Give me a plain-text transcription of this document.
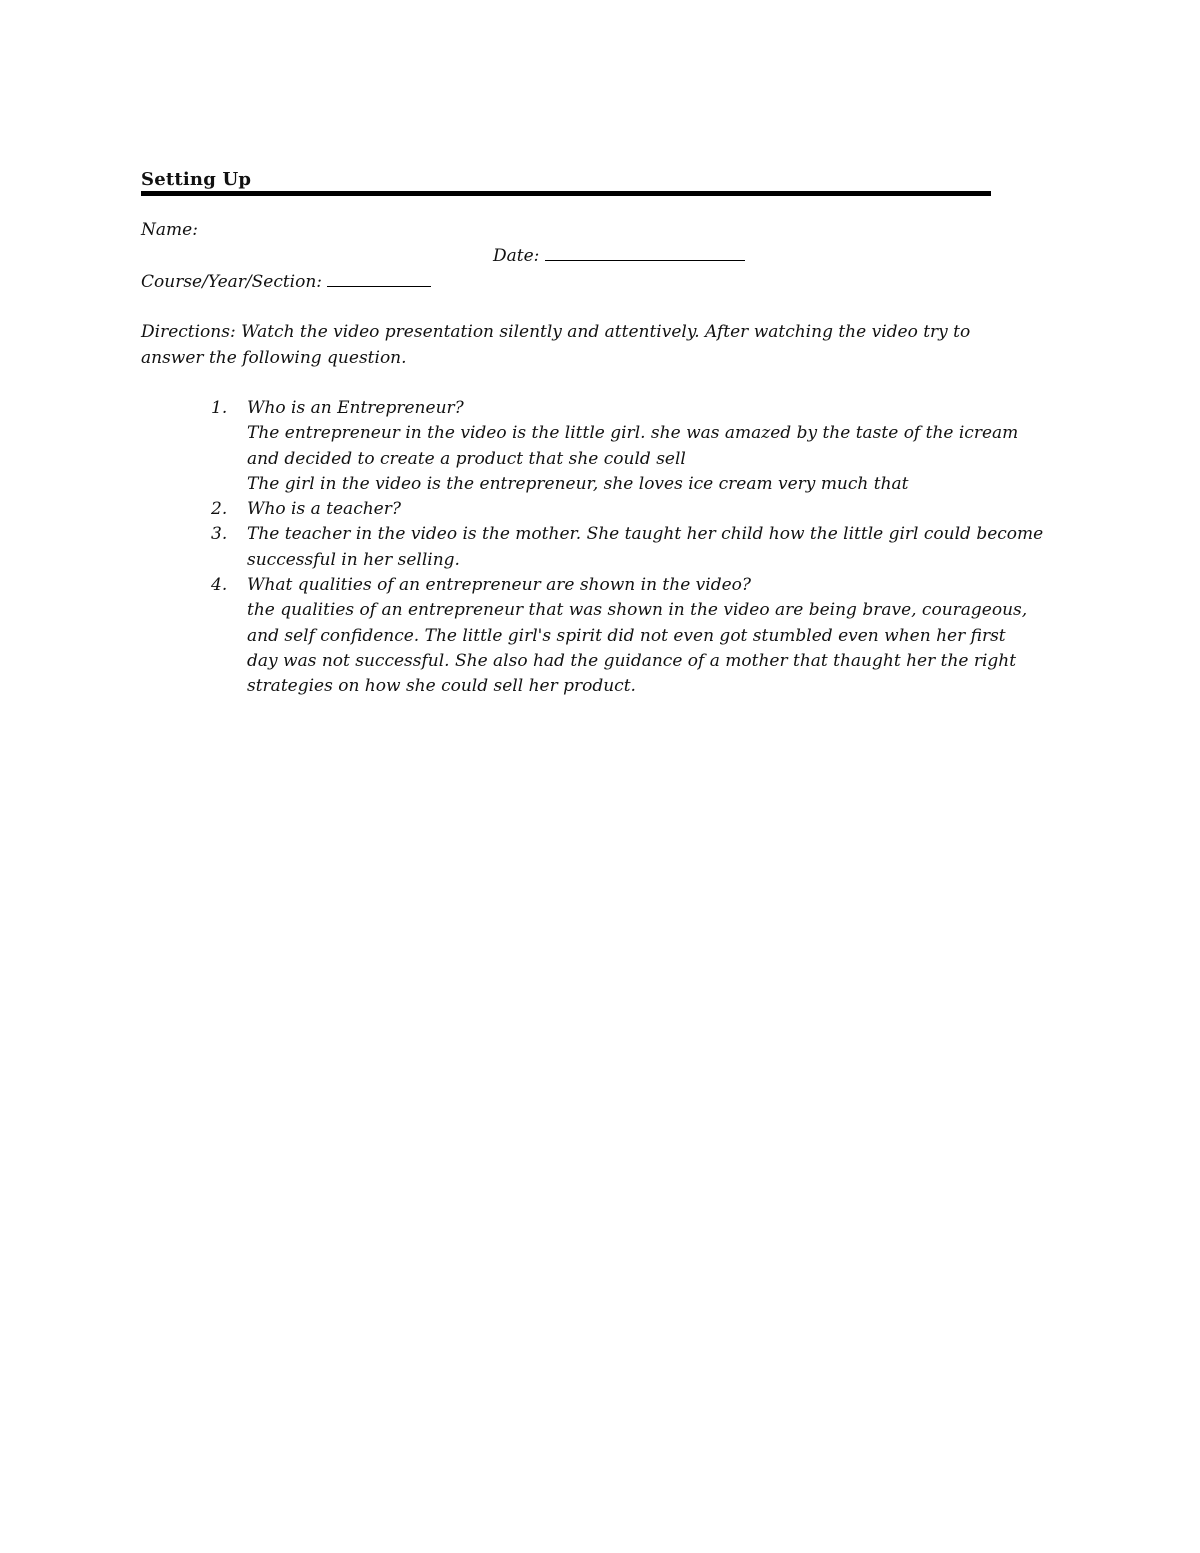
Setting Up
Name:
Date:
Course/Year/Section:
Directions: Watch the video presentation silently and attentively. After watching the video try to answer the following question.
1. Who is an Entrepreneur?
The entrepreneur in the video is the little girl. she was amazed by the taste of the icream
and decided to create a product that she could sell
The girl in the video is the entrepreneur, she loves ice cream very much that
2. Who is a teacher?
3. The teacher in the video is the mother. She taught her child how the little girl could become
successful in her selling.
4. What qualities of an entrepreneur are shown in the video?
the qualities of an entrepreneur that was shown in the video are being brave, courageous,
and self confidence. The little girl's spirit did not even got stumbled even when her first
day was not successful. She also had the guidance of a mother that thaught her the right
strategies on how she could sell her product.
